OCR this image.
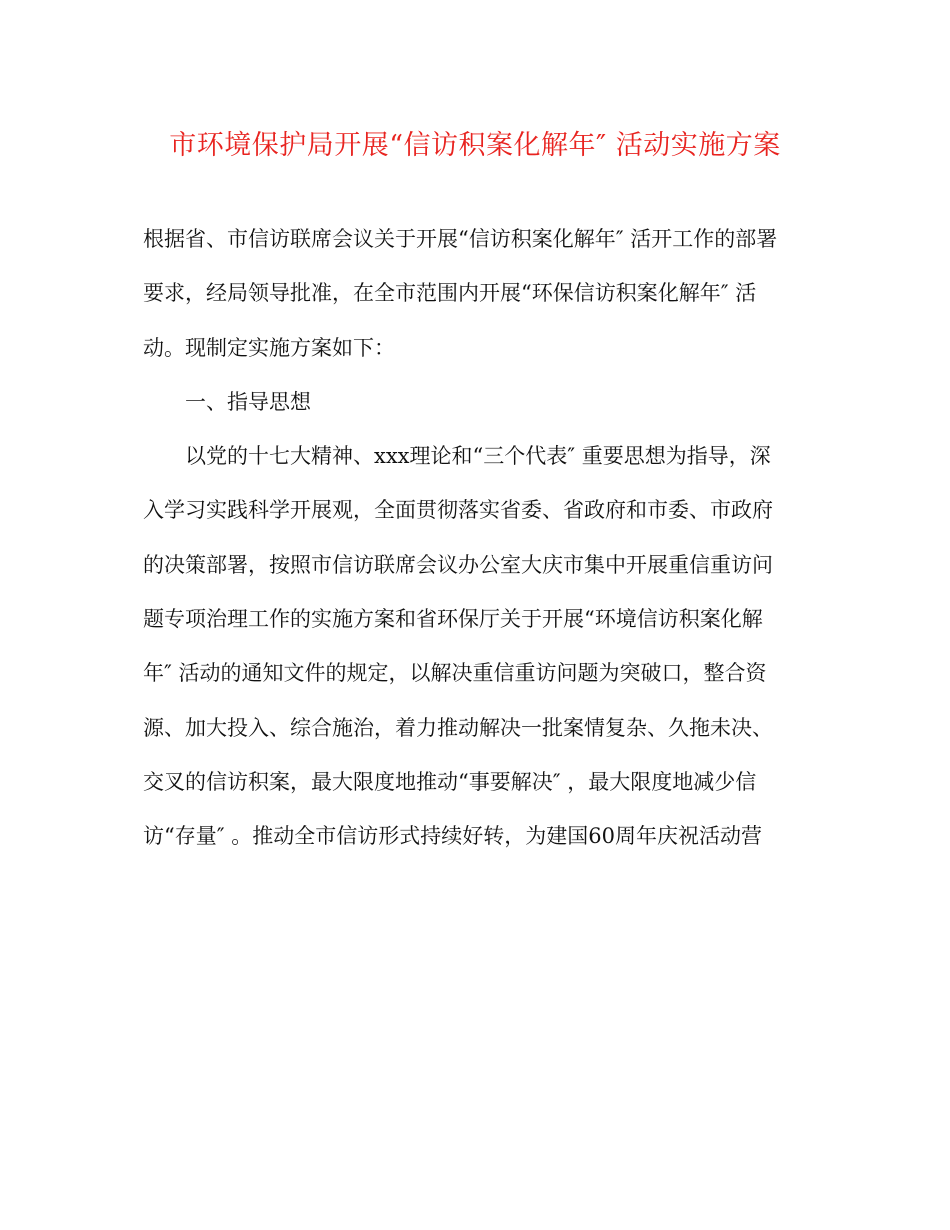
市环境保护局开展“信访积案化解年″ 活动实施方案
根据省、市信访联席会议关于开展“信访积案化解年″ 活开工作的部署
要求，经局领导批准，在全市范围内开展“环保信访积案化解年″ 活
动。现制定实施方案如下：
一、指导思想
以党的十七大精神、xxx理论和“三个代表″ 重要思想为指导，深
入学习实践科学开展观，全面贯彻落实省委、省政府和市委、市政府
的决策部署，按照市信访联席会议办公室大庆市集中开展重信重访问
题专项治理工作的实施方案和省环保厅关于开展“环境信访积案化解
年″ 活动的通知文件的规定，以解决重信重访问题为突破口，整合资
源、加大投入、综合施治，着力推动解决一批案情复杂、久拖未决、
交叉的信访积案，最大限度地推动“事要解决″ ，最大限度地减少信
访“存量″ 。推动全市信访形式持续好转，为建国60周年庆祝活动营
